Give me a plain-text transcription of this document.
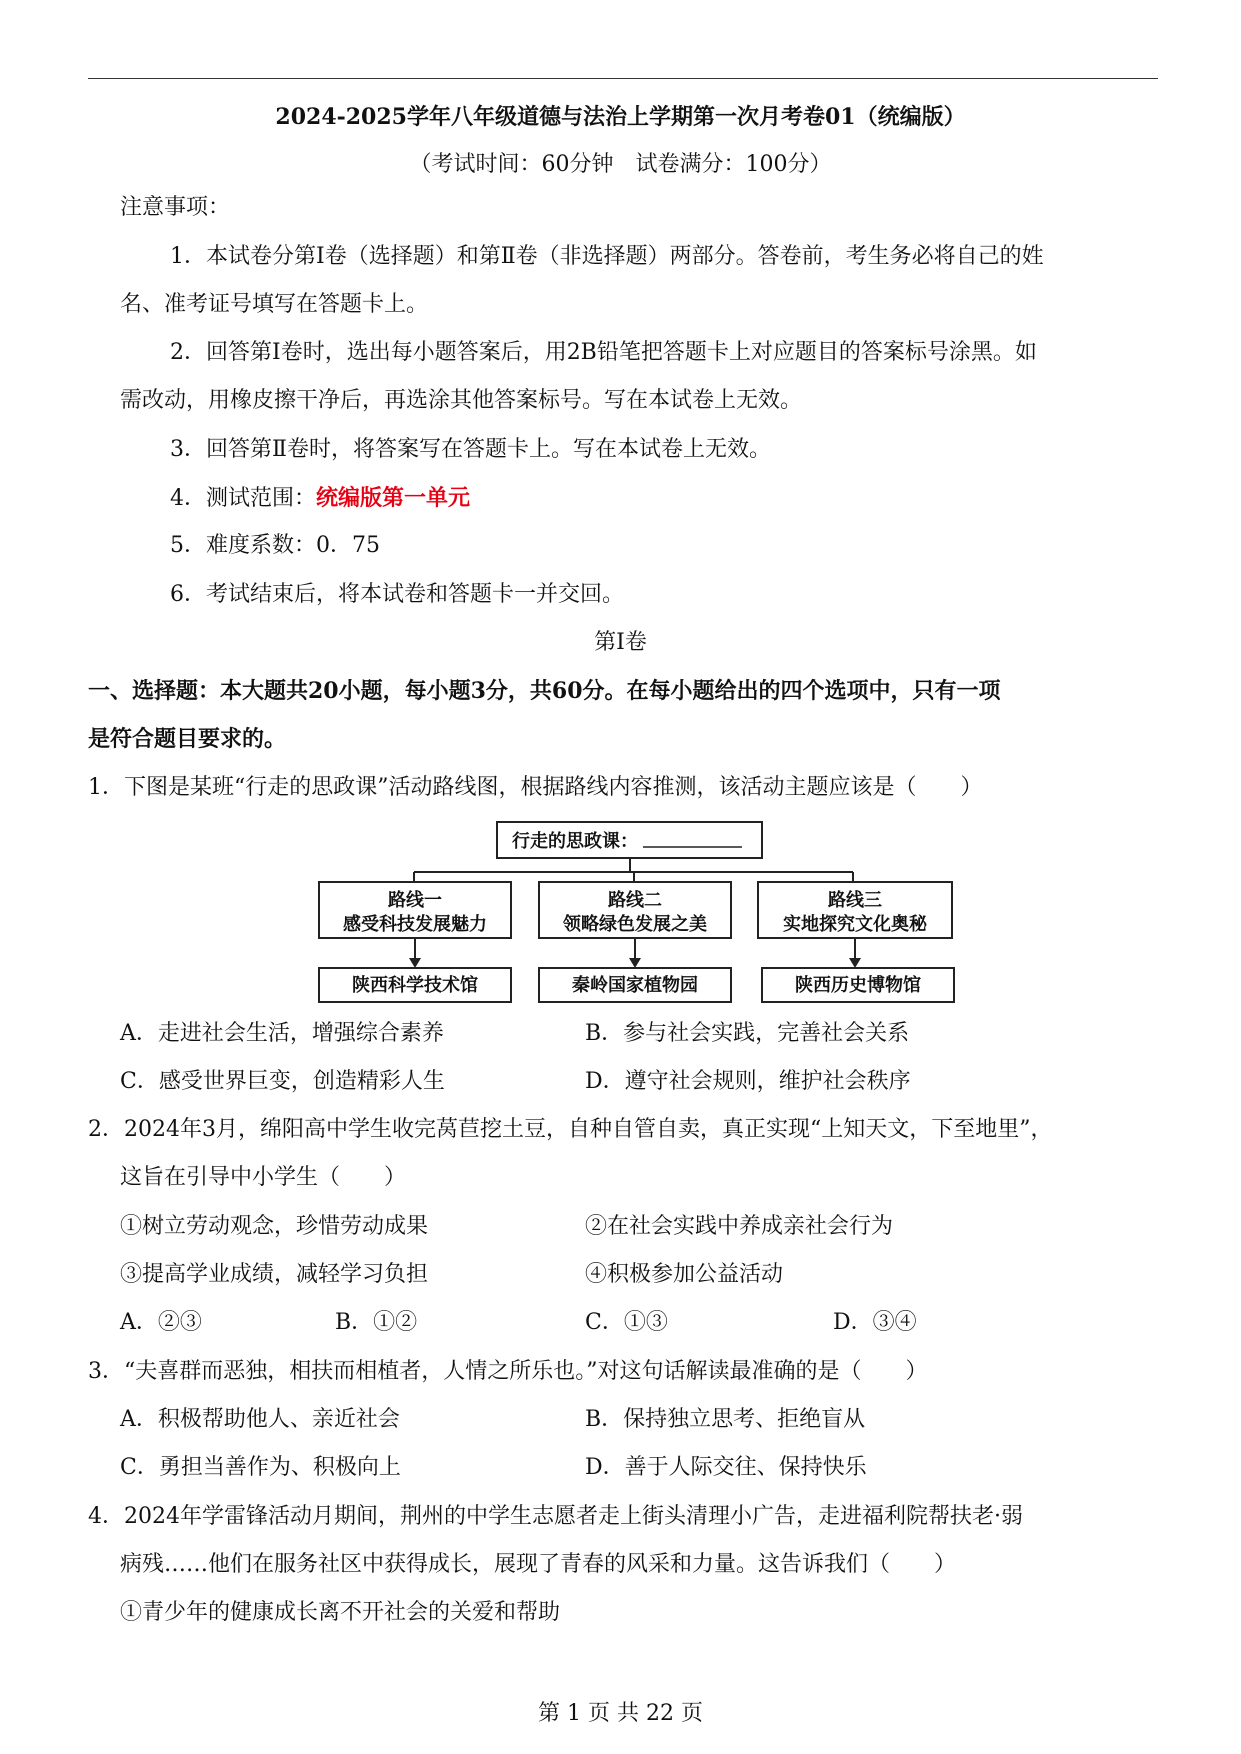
2024-2025学年八年级道德与法治上学期第一次月考卷01（统编版）
（考试时间：60分钟　试卷满分：100分）
注意事项：
1．本试卷分第Ⅰ卷（选择题）和第Ⅱ卷（非选择题）两部分。答卷前，考生务必将自己的姓
名、准考证号填写在答题卡上。
2．回答第Ⅰ卷时，选出每小题答案后，用2B铅笔把答题卡上对应题目的答案标号涂黑。如
需改动，用橡皮擦干净后，再选涂其他答案标号。写在本试卷上无效。
3．回答第Ⅱ卷时，将答案写在答题卡上。写在本试卷上无效。
4．测试范围：统编版第一单元
5．难度系数：0．75
6．考试结束后，将本试卷和答题卡一并交回。
第Ⅰ卷
一、选择题：本大题共20小题，每小题3分，共60分。在每小题给出的四个选项中，只有一项
是符合题目要求的。
1．下图是某班“行走的思政课”活动路线图，根据路线内容推测，该活动主题应该是（　　）
行走的思政课：
路线一
感受科技发展魅力
路线二
领略绿色发展之美
路线三
实地探究文化奥秘
陕西科学技术馆	秦岭国家植物园	陕西历史博物馆
A．走进社会生活，增强综合素养	B．参与社会实践，完善社会关系
C．感受世界巨变，创造精彩人生	D．遵守社会规则，维护社会秩序
2．2024年3月，绵阳高中学生收完莴苣挖土豆，自种自管自卖，真正实现“上知天文，下至地里”，
这旨在引导中小学生（　　）
①树立劳动观念，珍惜劳动成果	②在社会实践中养成亲社会行为
③提高学业成绩，减轻学习负担	④积极参加公益活动
A．②③	B．①②	C．①③	D．③④
3．“夫喜群而恶独，相扶而相植者，人情之所乐也。”对这句话解读最准确的是（　　）
A．积极帮助他人、亲近社会	B．保持独立思考、拒绝盲从
C．勇担当善作为、积极向上	D．善于人际交往、保持快乐
4．2024年学雷锋活动月期间，荆州的中学生志愿者走上街头清理小广告，走进福利院帮扶老·弱
病残……他们在服务社区中获得成长，展现了青春的风采和力量。这告诉我们（　　）
①青少年的健康成长离不开社会的关爱和帮助
第 1 页 共 22 页
